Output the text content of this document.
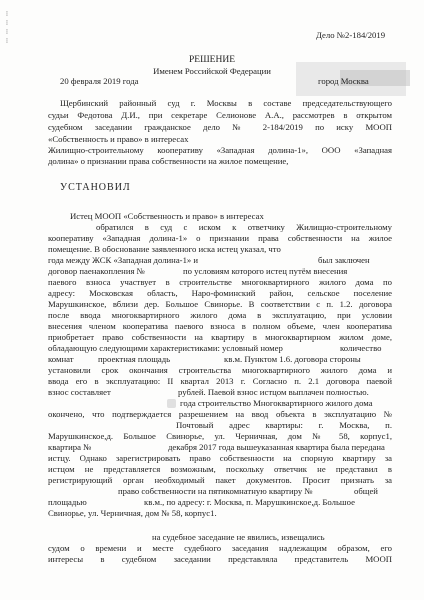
⁞
⁞
⁞
⁞

Дело №2-184/2019

РЕШЕНИЕ

Именем Российской Федерации

20 февраля 2019 года	город Москва

Щербинский районный суд г. Москвы в составе председательствующего

судьи Федотова Д.И., при секретаре Селионове А.А., рассмотрев в открытом

судебном заседании гражданское дело № 2-184/2019 по иску МООП

«Собственность и право» в интересах

Жилищно-строительному кооперативу «Западная долина-1», ООО «Западная

долина» о признании права собственности на жилое помещение,

УСТАНОВИЛ

Истец МООП «Собственность и право» в интересах

обратился в суд с иском к ответчику Жилищно-строительному

кооперативу «Западная долина-1» о признании права собственности на жилое

помещение. В обоснование заявленного иска истец указал, что

года между ЖСК «Западная долина-1» и	был заключен

договор паенакопления №	по условиям которого истец путём внесения

паевого взноса участвует в строительстве многоквартирного жилого дома по

адресу: Московская область, Наро-фоминский район, сельское поселение

Марушкинское, вблизи дер. Большое Свинорье. В соответствии с п. 1.2. договора

после ввода многоквартирного жилого дома в эксплуатацию, при условии

внесения членом кооператива паевого взноса в полном объеме, член кооператива

приобретает право собственности на квартиру в многоквартирном жилом доме,

обладающую следующими характеристиками: условный номер	количество

комнат	проектная площадь	кв.м. Пунктом 1.6. договора стороны

установили срок окончания строительства многоквартирного жилого дома и

ввода его в эксплуатацию: II квартал 2013 г. Согласно п. 2.1 договора паевой

взнос составляет	рублей. Паевой взнос истцом выплачен полностью.

года строительство Многоквартирного жилого дома

окончено, что подтверждается разрешением на ввод объекта в эксплуатацию №

Почтовый адрес квартиры: г. Москва, п.

Марушкинское,д. Большое Свинорье, ул. Черничная, дом № 58, корпус1,

квартира №	декабря 2017 года вышеуказанная квартира была передана

истцу. Однако зарегистрировать право собственности на спорную квартиру за

истцом не представляется возможным, поскольку ответчик не представил в

регистрирующий орган необходимый пакет документов. Просит признать за

право собственности на пятикомнатную квартиру №	общей

площадью	кв.м., по адресу: г. Москва, п. Марушкинское,д. Большое

Свинорье, ул. Черничная, дом № 58, корпус1.

на судебное заседание не явились, извещались

судом о времени и месте судебного заседания надлежащим образом, его

интересы в судебном заседании представляла представитель МООП
